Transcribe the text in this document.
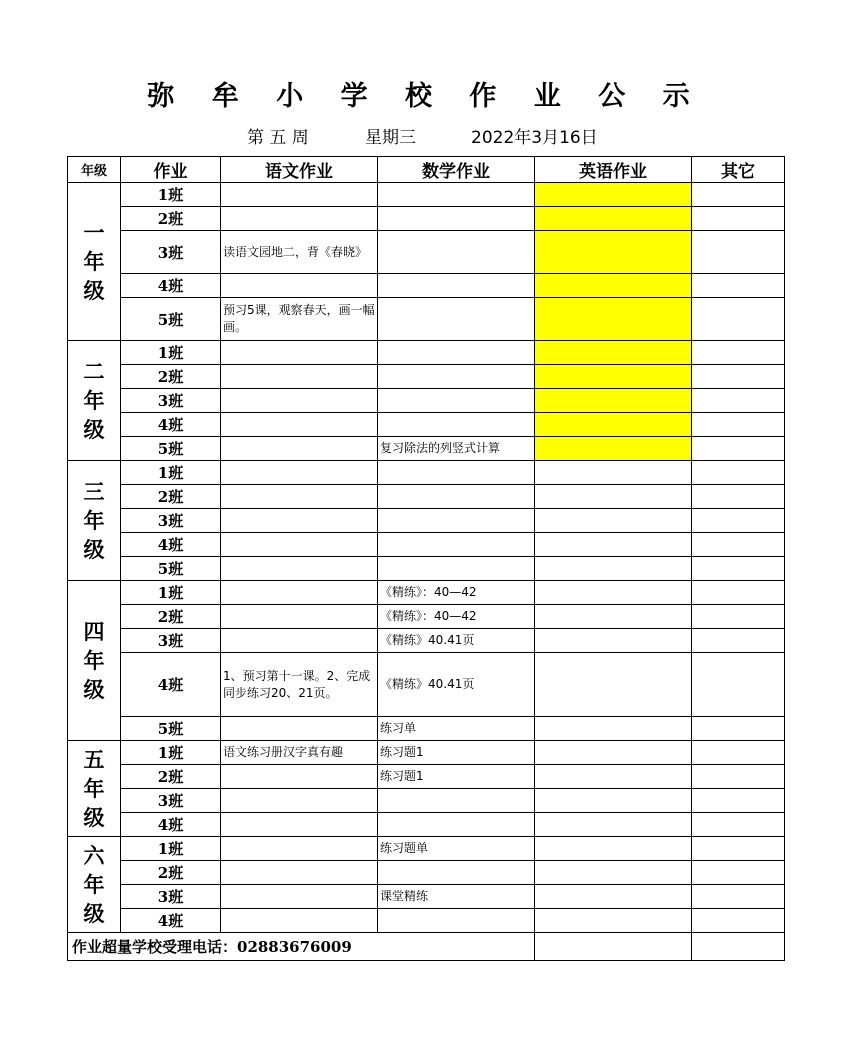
弥 牟 小 学 校 作 业 公 示
第 五 周	星期三	2022年3月16日
年级	作业	语文作业	数学作业	英语作业	其它
一年级	1班				
	2班				
	3班	读语文园地二，背《春晓》			
	4班				
	5班	预习5课，观察春天，画一幅画。			
二年级	1班				
	2班				
	3班				
	4班				
	5班		复习除法的列竖式计算		
三年级	1班				
	2班				
	3班				
	4班				
	5班				
四年级	1班		《精练》：40—42		
	2班		《精练》：40—42		
	3班		《精练》40.41页		
	4班	1、预习第十一课。2、完成同步练习20、21页。	《精练》40.41页		
	5班		练习单		
五年级	1班	语文练习册汉字真有趣	练习题1		
	2班		练习题1		
	3班				
	4班				
六年级	1班		练习题单		
	2班				
	3班		课堂精练		
	4班				
作业超量学校受理电话：02883676009					
